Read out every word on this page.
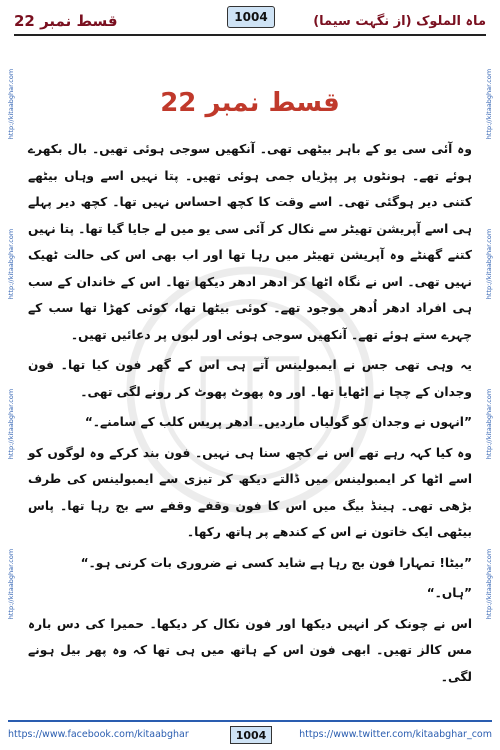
قسط نمبر 22	ماہ الملوک (از نگہت سیما)
1004
http://kitaabghar.com
http://kitaabghar.com
http://kitaabghar.com
http://kitaabghar.com
http://kitaabghar.com
http://kitaabghar.com
http://kitaabghar.com
http://kitaabghar.com
قسط نمبر 22

وہ آئی سی یو کے باہر بیٹھی تھی۔ آنکھیں سوجی ہوئی تھیں۔ بال بکھرے ہوئے تھے۔ ہونٹوں پر پپڑیاں جمی ہوئی تھیں۔ پتا نہیں اسے وہاں بیٹھے کتنی دیر ہوگئی تھی۔ اسے وقت کا کچھ احساس نہیں تھا۔ کچھ دیر پہلے ہی اسے آپریشن تھیٹر سے نکال کر آئی سی یو میں لے جایا گیا تھا۔ پتا نہیں کتنے گھنٹے وہ آپریشن تھیٹر میں رہا تھا اور اب بھی اس کی حالت ٹھیک نہیں تھی۔ اس نے نگاہ اٹھا کر ادھر ادھر دیکھا تھا۔ اس کے خاندان کے سب ہی افراد ادھر اُدھر موجود تھے۔ کوئی بیٹھا تھا، کوئی کھڑا تھا سب کے چہرے ستے ہوئے تھے۔ آنکھیں سوجی ہوئی اور لبوں پر دعائیں تھیں۔

یہ وہی تھی جس نے ایمبولینس آتے ہی اس کے گھر فون کیا تھا۔ فون وجدان کے چچا نے اٹھایا تھا۔ اور وہ پھوٹ پھوٹ کر رونے لگی تھی۔

”انہوں نے وجدان کو گولیاں ماردیں۔ ادھر پریس کلب کے سامنے۔“

وہ کیا کہہ رہے تھے اس نے کچھ سنا ہی نہیں۔ فون بند کرکے وہ لوگوں کو اسے اٹھا کر ایمبولینس میں ڈالتے دیکھ کر تیزی سے ایمبولینس کی طرف بڑھی تھی۔ ہینڈ بیگ میں اس کا فون وقفے وقفے سے بج رہا تھا۔ پاس بیٹھی ایک خاتون نے اس کے کندھے پر ہاتھ رکھا۔

”بیٹا! تمہارا فون بج رہا ہے شاید کسی نے ضروری بات کرنی ہو۔“

”ہاں۔“

اس نے چونک کر انہیں دیکھا اور فون نکال کر دیکھا۔ حمیرا کی دس بارہ مس کالز تھیں۔ ابھی فون اس کے ہاتھ میں ہی تھا کہ وہ پھر بیل ہونے لگی۔

https://www.facebook.com/kitaabghar	https://www.twitter.com/kitaabghar_com
1004
